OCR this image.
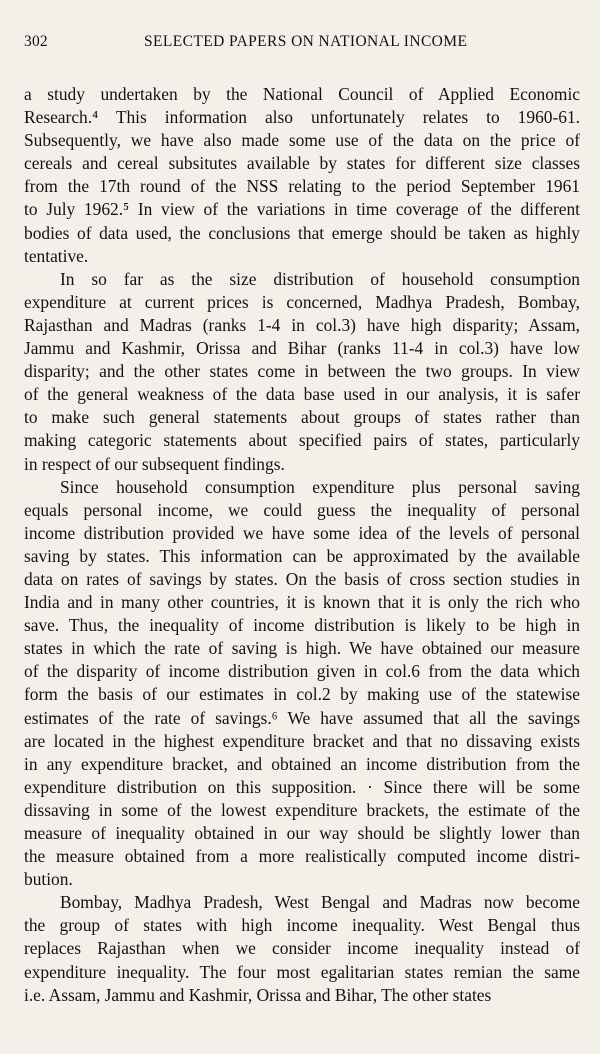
302	SELECTED PAPERS ON NATIONAL INCOME
a study undertaken by the National Council of Applied Economic
Research.⁴ This information also unfortunately relates to 1960-61.
Subsequently, we have also made some use of the data on the price of
cereals and cereal subsitutes available by states for different size classes
from the 17th round of the NSS relating to the period September 1961
to July 1962.⁵ In view of the variations in time coverage of the different
bodies of data used, the conclusions that emerge should be taken as highly
tentative.
In so far as the size distribution of household consumption
expenditure at current prices is concerned, Madhya Pradesh, Bombay,
Rajasthan and Madras (ranks 1-4 in col.3) have high disparity; Assam,
Jammu and Kashmir, Orissa and Bihar (ranks 11-4 in col.3) have low
disparity; and the other states come in between the two groups. In view
of the general weakness of the data base used in our analysis, it is safer
to make such general statements about groups of states rather than
making categoric statements about specified pairs of states, particularly
in respect of our subsequent findings.
Since household consumption expenditure plus personal saving
equals personal income, we could guess the inequality of personal
income distribution provided we have some idea of the levels of personal
saving by states. This information can be approximated by the available
data on rates of savings by states. On the basis of cross section studies in
India and in many other countries, it is known that it is only the rich who
save. Thus, the inequality of income distribution is likely to be high in
states in which the rate of saving is high. We have obtained our measure
of the disparity of income distribution given in col.6 from the data which
form the basis of our estimates in col.2 by making use of the statewise
estimates of the rate of savings.⁶ We have assumed that all the savings
are located in the highest expenditure bracket and that no dissaving exists
in any expenditure bracket, and obtained an income distribution from the
expenditure distribution on this supposition. · Since there will be some
dissaving in some of the lowest expenditure brackets, the estimate of the
measure of inequality obtained in our way should be slightly lower than
the measure obtained from a more realistically computed income distri-
bution.
Bombay, Madhya Pradesh, West Bengal and Madras now become
the group of states with high income inequality. West Bengal thus
replaces Rajasthan when we consider income inequality instead of
expenditure inequality. The four most egalitarian states remian the same
i.e. Assam, Jammu and Kashmir, Orissa and Bihar, The other states
